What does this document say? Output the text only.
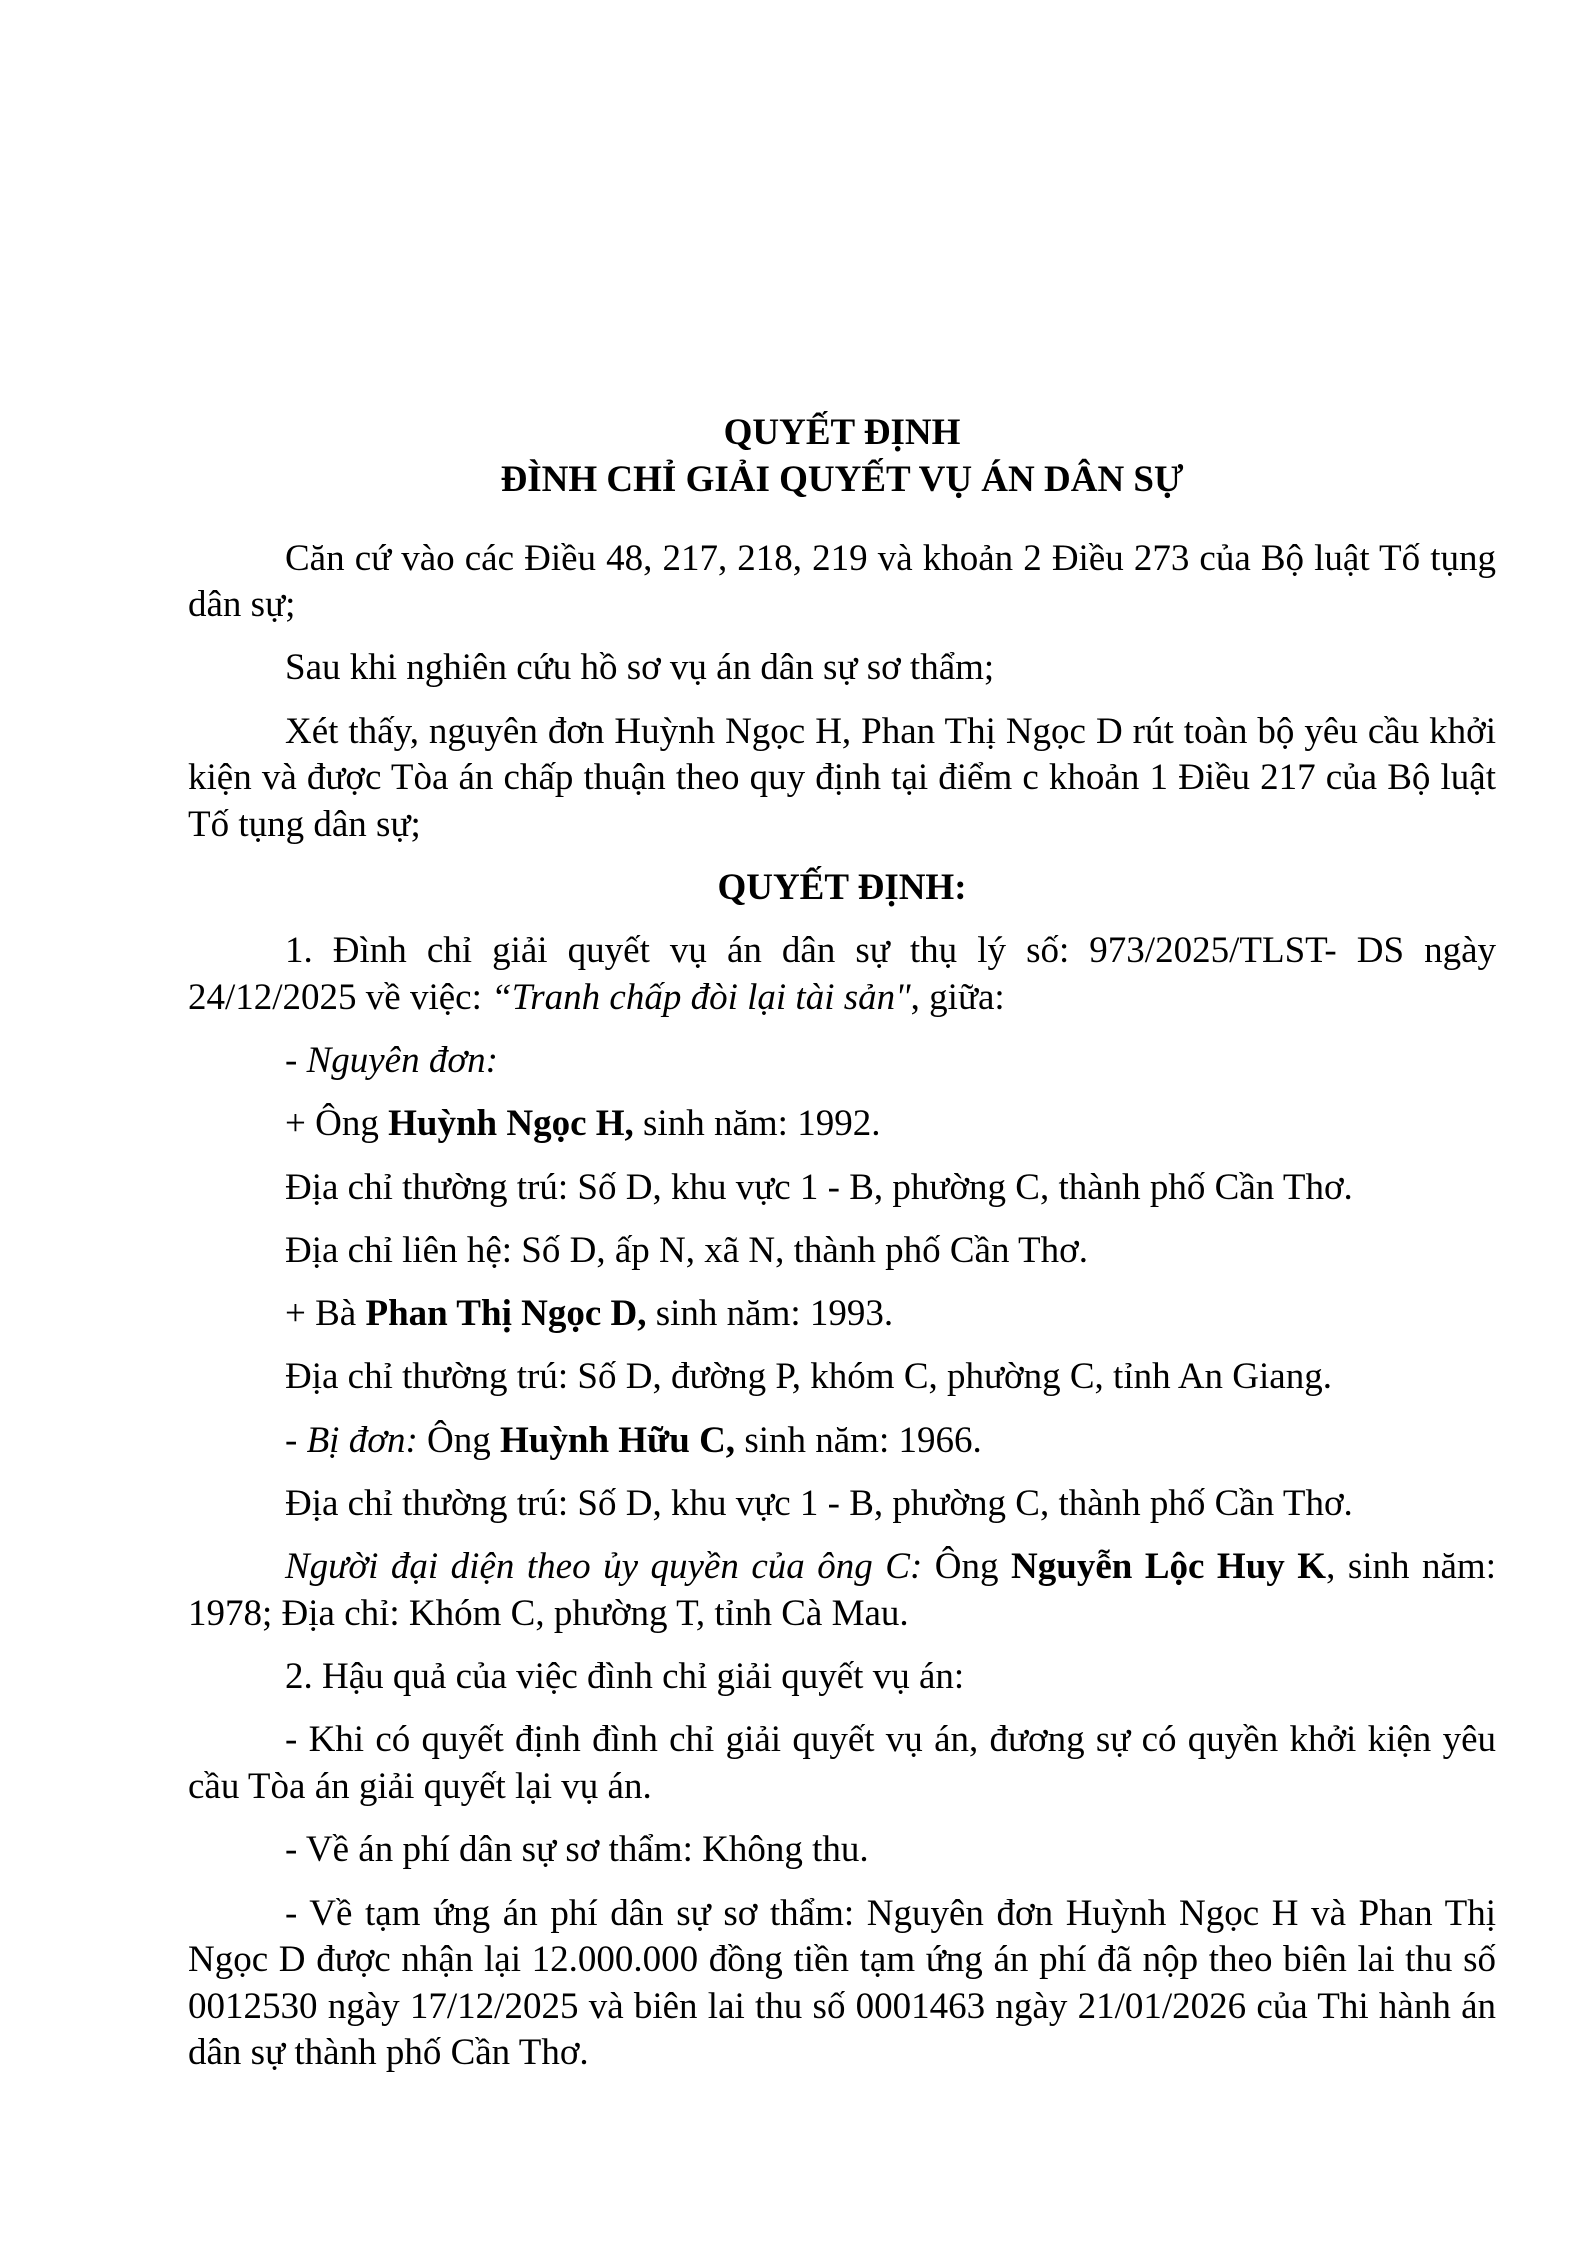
QUYẾT ĐỊNH
ĐÌNH CHỈ GIẢI QUYẾT VỤ ÁN DÂN SỰ

Căn cứ vào các Điều 48, 217, 218, 219 và khoản 2 Điều 273 của Bộ luật Tố tụng dân sự;

Sau khi nghiên cứu hồ sơ vụ án dân sự sơ thẩm;

Xét thấy, nguyên đơn Huỳnh Ngọc H, Phan Thị Ngọc D rút toàn bộ yêu cầu khởi kiện và được Tòa án chấp thuận theo quy định tại điểm c khoản 1 Điều 217 của Bộ luật Tố tụng dân sự;

QUYẾT ĐỊNH:

1. Đình chỉ giải quyết vụ án dân sự thụ lý số: 973/2025/TLST- DS ngày 24/12/2025 về việc: “Tranh chấp đòi lại tài sản", giữa:

- Nguyên đơn:

+ Ông Huỳnh Ngọc H, sinh năm: 1992.

Địa chỉ thường trú: Số D, khu vực 1 - B, phường C, thành phố Cần Thơ.

Địa chỉ liên hệ: Số D, ấp N, xã N, thành phố Cần Thơ.

+ Bà Phan Thị Ngọc D, sinh năm: 1993.

Địa chỉ thường trú: Số D, đường P, khóm C, phường C, tỉnh An Giang.

- Bị đơn: Ông Huỳnh Hữu C, sinh năm: 1966.

Địa chỉ thường trú: Số D, khu vực 1 - B, phường C, thành phố Cần Thơ.

Người đại diện theo ủy quyền của ông C: Ông Nguyễn Lộc Huy K, sinh năm: 1978; Địa chỉ: Khóm C, phường T, tỉnh Cà Mau.

2. Hậu quả của việc đình chỉ giải quyết vụ án:

- Khi có quyết định đình chỉ giải quyết vụ án, đương sự có quyền khởi kiện yêu cầu Tòa án giải quyết lại vụ án.

- Về án phí dân sự sơ thẩm: Không thu.

- Về tạm ứng án phí dân sự sơ thẩm: Nguyên đơn Huỳnh Ngọc H và Phan Thị Ngọc D được nhận lại 12.000.000 đồng tiền tạm ứng án phí đã nộp theo biên lai thu số 0012530 ngày 17/12/2025 và biên lai thu số 0001463 ngày 21/01/2026 của Thi hành án dân sự thành phố Cần Thơ.
